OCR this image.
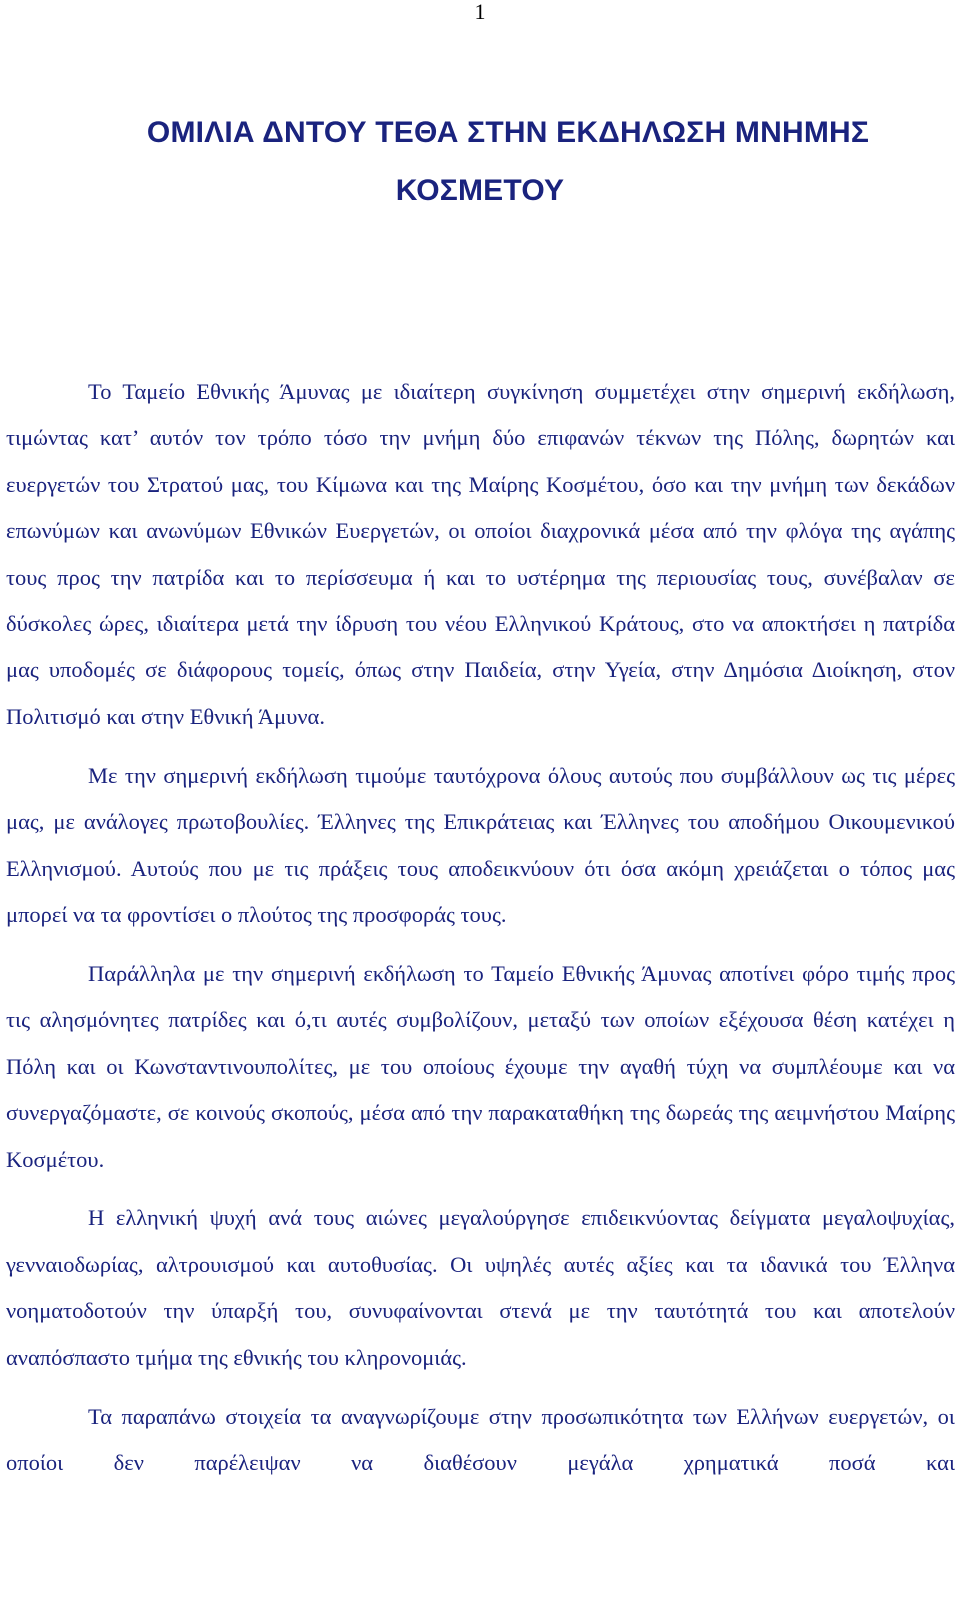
1
ΟΜΙΛΙΑ ΔΝΤΟΥ ΤΕΘΑ ΣΤΗΝ ΕΚΔΗΛΩΣΗ ΜΝΗΜΗΣ
ΚΟΣΜΕΤΟΥ

Το Ταμείο Εθνικής Άμυνας με ιδιαίτερη συγκίνηση συμμετέχει στην σημερινή εκδήλωση, τιμώντας κατ’ αυτόν τον τρόπο τόσο την μνήμη δύο επιφανών τέκνων της Πόλης, δωρητών και ευεργετών του Στρατού μας, του Κίμωνα και της Μαίρης Κοσμέτου, όσο και την μνήμη των δεκάδων επωνύμων και ανωνύμων Εθνικών Ευεργετών, οι οποίοι διαχρονικά μέσα από την φλόγα της αγάπης τους προς την πατρίδα και το περίσσευμα ή και το υστέρημα της περιουσίας τους, συνέβαλαν σε δύσκολες ώρες, ιδιαίτερα μετά την ίδρυση του νέου Ελληνικού Κράτους, στο να αποκτήσει η πατρίδα μας υποδομές σε διάφορους τομείς, όπως στην Παιδεία, στην Υγεία, στην Δημόσια Διοίκηση, στον Πολιτισμό και στην Εθνική Άμυνα.

Με την σημερινή εκδήλωση τιμούμε ταυτόχρονα όλους αυτούς που συμβάλλουν ως τις μέρες μας, με ανάλογες πρωτοβουλίες. Έλληνες της Επικράτειας και Έλληνες του αποδήμου Οικουμενικού Ελληνισμού. Αυτούς που με τις πράξεις τους αποδεικνύουν ότι όσα ακόμη χρειάζεται ο τόπος μας μπορεί να τα φροντίσει ο πλούτος της προσφοράς τους.

Παράλληλα με την σημερινή εκδήλωση το Ταμείο Εθνικής Άμυνας αποτίνει φόρο τιμής προς τις αλησμόνητες πατρίδες και ό,τι αυτές συμβολίζουν, μεταξύ των οποίων εξέχουσα θέση κατέχει η Πόλη και οι Κωνσταντινουπολίτες, με του οποίους έχουμε την αγαθή τύχη να συμπλέουμε και να συνεργαζόμαστε, σε κοινούς σκοπούς, μέσα από την παρακαταθήκη της δωρεάς της αειμνήστου Μαίρης Κοσμέτου.

Η ελληνική ψυχή ανά τους αιώνες μεγαλούργησε επιδεικνύοντας δείγματα μεγαλοψυχίας, γενναιοδωρίας, αλτρουισμού και αυτοθυσίας. Οι υψηλές αυτές αξίες και τα ιδανικά του Έλληνα νοηματοδοτούν την ύπαρξή του, συνυφαίνονται στενά με την ταυτότητά του και αποτελούν αναπόσπαστο τμήμα της εθνικής του κληρονομιάς.

Τα παραπάνω στοιχεία τα αναγνωρίζουμε στην προσωπικότητα των Ελλήνων ευεργετών, οι οποίοι δεν παρέλειψαν να διαθέσουν μεγάλα χρηματικά ποσά και
